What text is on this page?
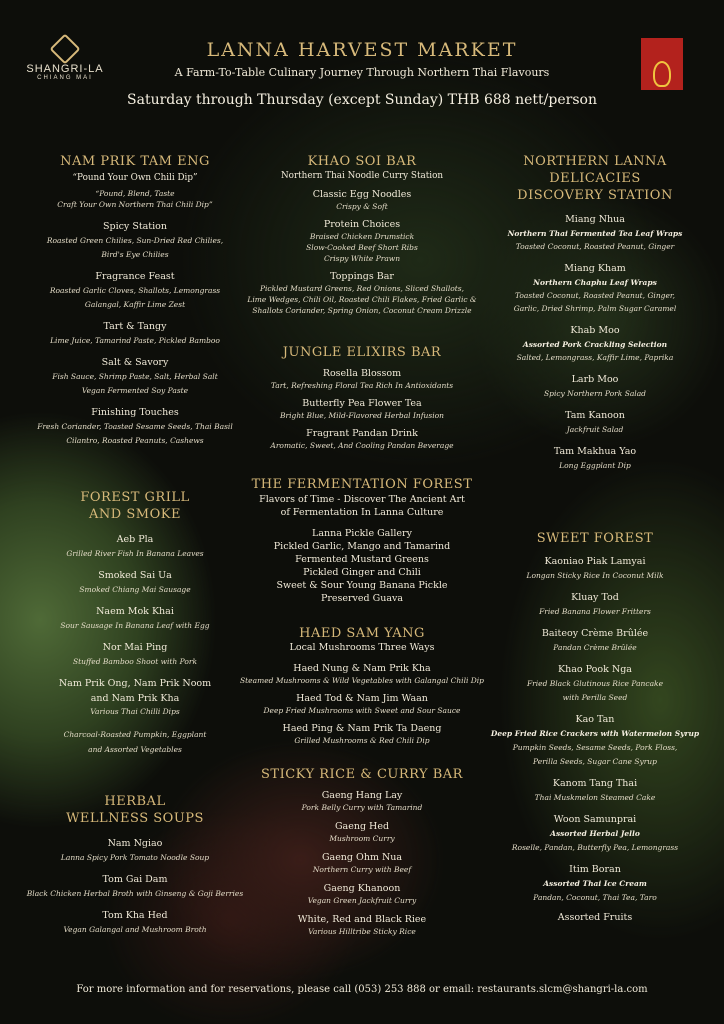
SHANGRI-LA
CHIANG MAI
LANNA HARVEST MARKET
A Farm-To-Table Culinary Journey Through Northern Thai Flavours
Saturday through Thursday (except Sunday) THB 688 nett/person
NAM PRIK TAM ENG
“Pound Your Own Chili Dip”
“Pound, Blend, Taste
Craft Your Own Northern Thai Chili Dip”
Spicy Station
Roasted Green Chilies, Sun-Dried Red Chilies,
Bird's Eye Chilies
Fragrance Feast
Roasted Garlic Cloves, Shallots, Lemongrass
Galangal, Kaffir Lime Zest
Tart & Tangy
Lime Juice, Tamarind Paste, Pickled Bamboo
Salt & Savory
Fish Sauce, Shrimp Paste, Salt, Herbal Salt
Vegan Fermented Soy Paste
Finishing Touches
Fresh Coriander, Toasted Sesame Seeds, Thai Basil
Cilantro, Roasted Peanuts, Cashews
FOREST GRILL
AND SMOKE
Aeb Pla
Grilled River Fish In Banana Leaves
Smoked Sai Ua
Smoked Chiang Mai Sausage
Naem Mok Khai
Sour Sausage In Banana Leaf with Egg
Nor Mai Ping
Stuffed Bamboo Shoot with Pork
Nam Prik Ong, Nam Prik Noom
and Nam Prik Kha
Various Thai Chilli Dips
Charcoal-Roasted Pumpkin, Eggplant
and Assorted Vegetables
HERBAL
WELLNESS SOUPS
Nam Ngiao
Lanna Spicy Pork Tomato Noodle Soup
Tom Gai Dam
Black Chicken Herbal Broth with Ginseng & Goji Berries
Tom Kha Hed
Vegan Galangal and Mushroom Broth
KHAO SOI BAR
Northern Thai Noodle Curry Station
Classic Egg Noodles
Crispy & Soft
Protein Choices
Braised Chicken Drumstick
Slow-Cooked Beef Short Ribs
Crispy White Prawn
Toppings Bar
Pickled Mustard Greens, Red Onions, Sliced Shallots,
Lime Wedges, Chili Oil, Roasted Chili Flakes, Fried Garlic &
Shallots Coriander, Spring Onion, Coconut Cream Drizzle
JUNGLE ELIXIRS BAR
Rosella Blossom
Tart, Refreshing Floral Tea Rich In Antioxidants
Butterfly Pea Flower Tea
Bright Blue, Mild-Flavored Herbal Infusion
Fragrant Pandan Drink
Aromatic, Sweet, And Cooling Pandan Beverage
THE FERMENTATION FOREST
Flavors of Time - Discover The Ancient Art
of Fermentation In Lanna Culture
Lanna Pickle Gallery
Pickled Garlic, Mango and Tamarind
Fermented Mustard Greens
Pickled Ginger and Chili
Sweet & Sour Young Banana Pickle
Preserved Guava
HAED SAM YANG
Local Mushrooms Three Ways
Haed Nung & Nam Prik Kha
Steamed Mushrooms & Wild Vegetables with Galangal Chili Dip
Haed Tod & Nam Jim Waan
Deep Fried Mushrooms with Sweet and Sour Sauce
Haed Ping & Nam Prik Ta Daeng
Grilled Mushrooms & Red Chili Dip
STICKY RICE & CURRY BAR
Gaeng Hang Lay
Pork Belly Curry with Tamarind
Gaeng Hed
Mushroom Curry
Gaeng Ohm Nua
Northern Curry with Beef
Gaeng Khanoon
Vegan Green Jackfruit Curry
White, Red and Black Riee
Various Hilltribe Sticky Rice
NORTHERN LANNA
DELICACIES
DISCOVERY STATION
Miang Nhua
Northern Thai Fermented Tea Leaf Wraps
Toasted Coconut, Roasted Peanut, Ginger
Miang Kham
Northern Chaphu Leaf Wraps
Toasted Coconut, Roasted Peanut, Ginger,
Garlic, Dried Shrimp, Palm Sugar Caramel
Khab Moo
Assorted Pork Crackling Selection
Salted, Lemongrass, Kaffir Lime, Paprika
Larb Moo
Spicy Northern Pork Salad
Tam Kanoon
Jackfruit Salad
Tam Makhua Yao
Long Eggplant Dip
SWEET FOREST
Kaoniao Piak Lamyai
Longan Sticky Rice In Coconut Milk
Kluay Tod
Fried Banana Flower Fritters
Baiteoy Crème Brûlée
Pandan Crème Brûlée
Khao Pook Nga
Fried Black Glutinous Rice Pancake
with Perilla Seed
Kao Tan
Deep Fried Rice Crackers with Watermelon Syrup
Pumpkin Seeds, Sesame Seeds, Pork Floss,
Perilla Seeds, Sugar Cane Syrup
Kanom Tang Thai
Thai Muskmelon Steamed Cake
Woon Samunprai
Assorted Herbal Jello
Roselle, Pandan, Butterfly Pea, Lemongrass
Itim Boran
Assorted Thai Ice Cream
Pandan, Coconut, Thai Tea, Taro
Assorted Fruits
For more information and for reservations, please call (053) 253 888 or email: restaurants.slcm@shangri-la.com
